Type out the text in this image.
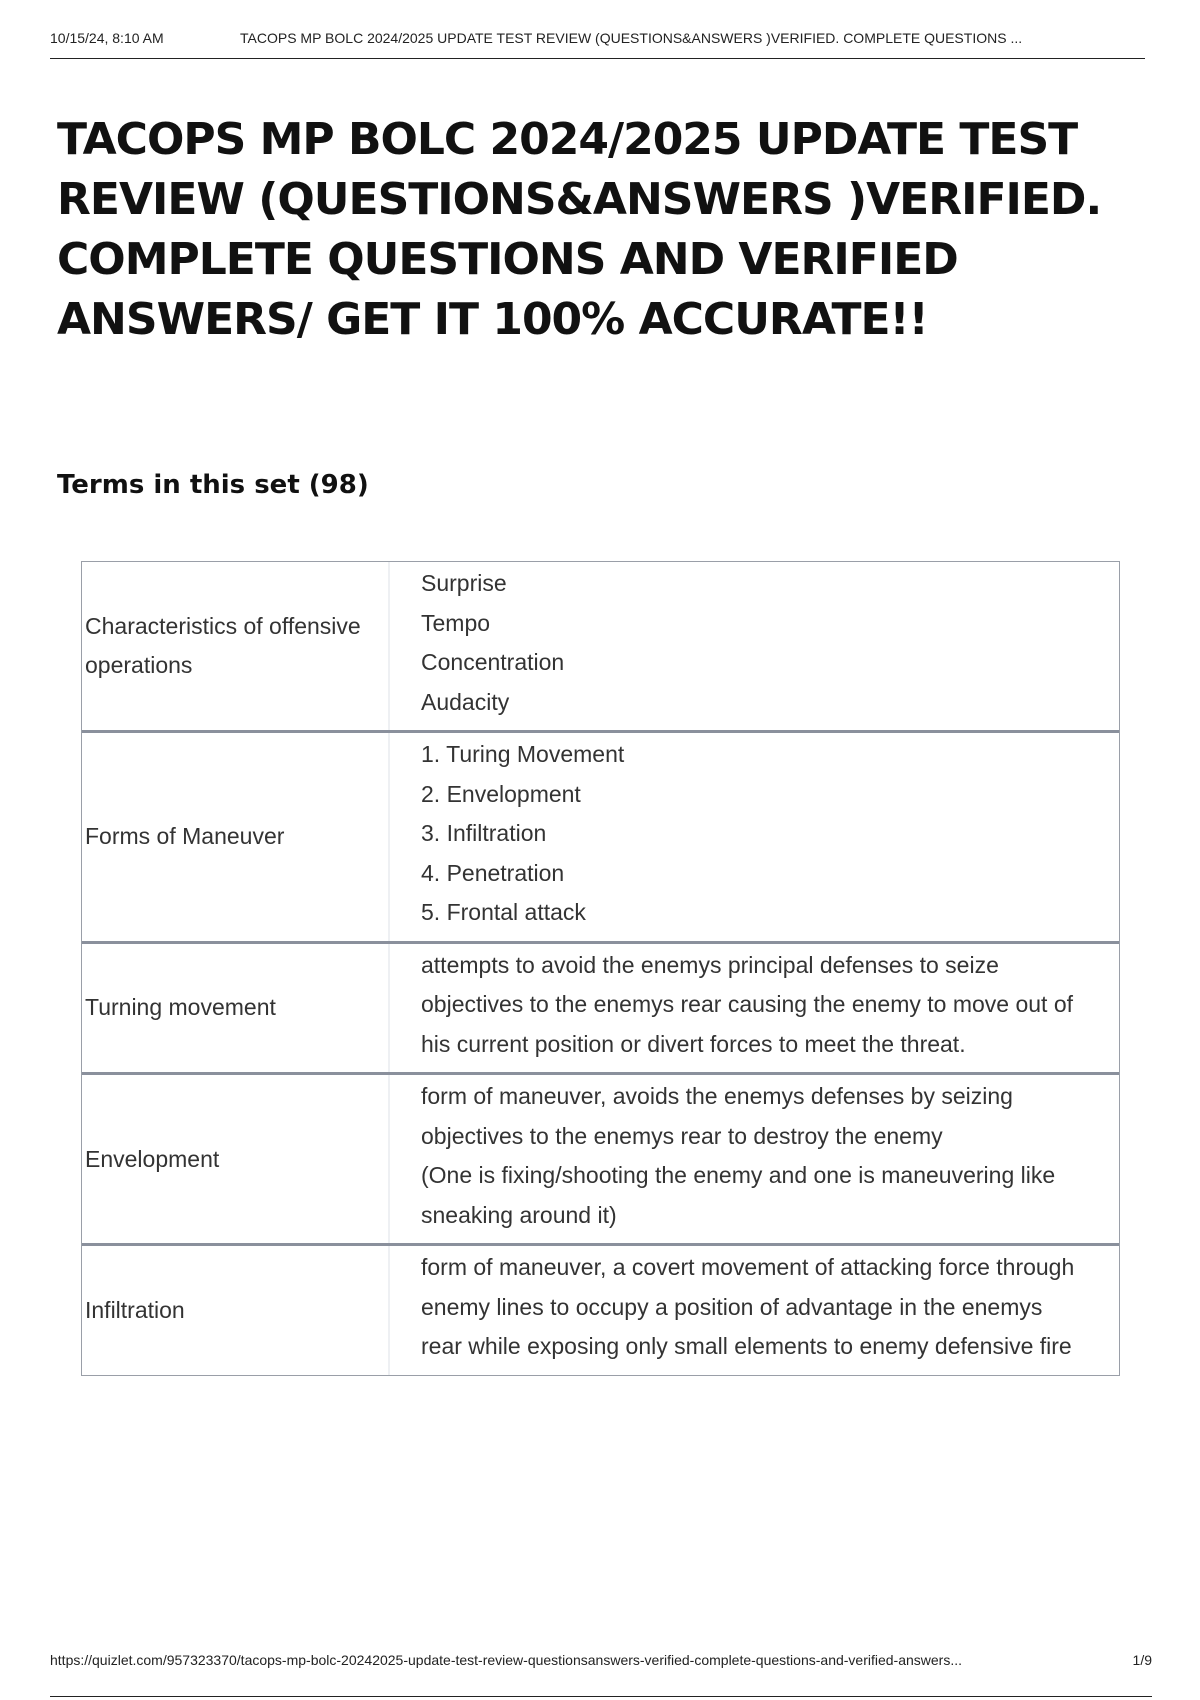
10/15/24, 8:10 AM	TACOPS MP BOLC 2024/2025 UPDATE TEST REVIEW (QUESTIONS&ANSWERS )VERIFIED. COMPLETE QUESTIONS ...
TACOPS MP BOLC 2024/2025 UPDATE TEST REVIEW (QUESTIONS&ANSWERS )VERIFIED. COMPLETE QUESTIONS AND VERIFIED ANSWERS/ GET IT 100% ACCURATE!!
Terms in this set (98)
Characteristics of offensive operations
Surprise
Tempo
Concentration
Audacity
Forms of Maneuver
1. Turing Movement
2. Envelopment
3. Infiltration
4. Penetration
5. Frontal attack
Turning movement
attempts to avoid the enemys principal defenses to seize objectives to the enemys rear causing the enemy to move out of his current position or divert forces to meet the threat.
Envelopment
form of maneuver, avoids the enemys defenses by seizing objectives to the enemys rear to destroy the enemy
(One is fixing/shooting the enemy and one is maneuvering like sneaking around it)
Infiltration
form of maneuver, a covert movement of attacking force through enemy lines to occupy a position of advantage in the enemys rear while exposing only small elements to enemy defensive fire
https://quizlet.com/957323370/tacops-mp-bolc-20242025-update-test-review-questionsanswers-verified-complete-questions-and-verified-answers...	1/9
